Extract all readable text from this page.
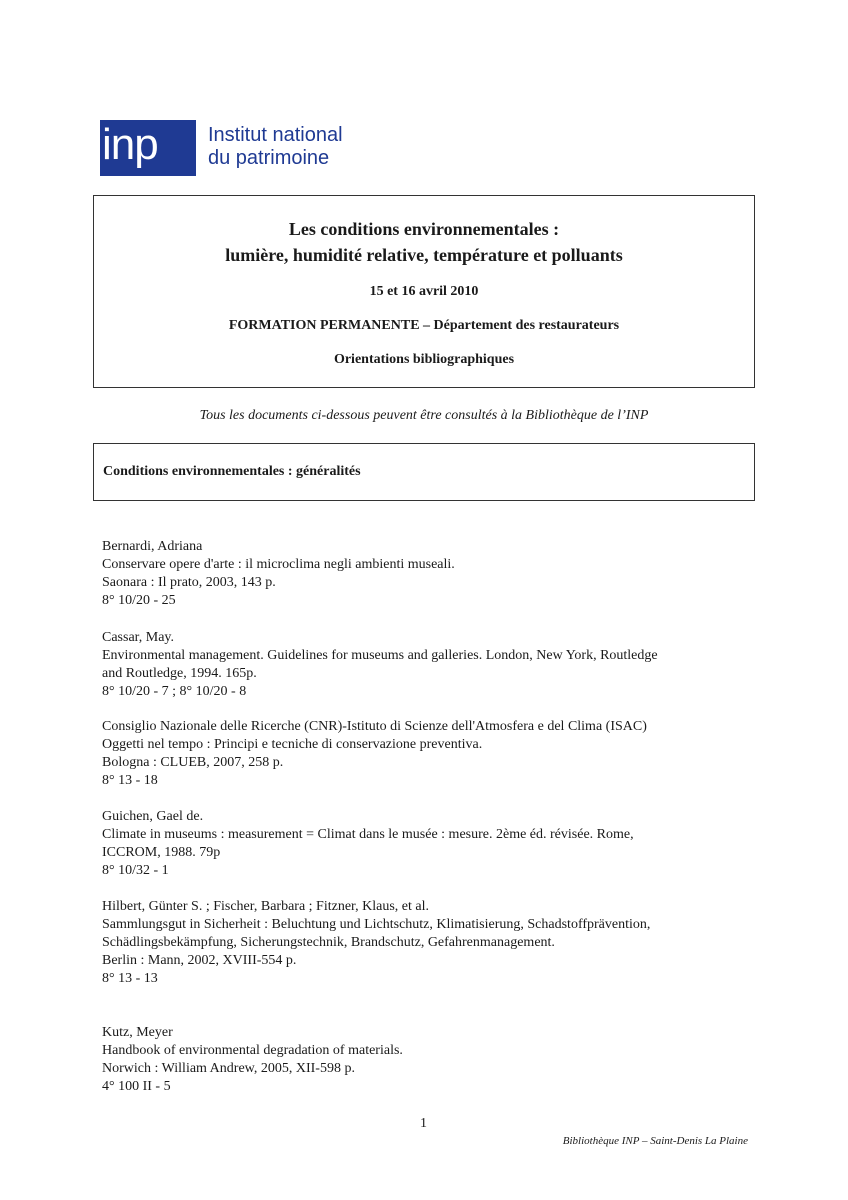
inp	Institut national
du patrimoine
Les conditions environnementales :
lumière, humidité relative, température et polluants
15 et 16 avril 2010
FORMATION PERMANENTE – Département des restaurateurs
Orientations bibliographiques
Tous les documents ci-dessous peuvent être consultés à la Bibliothèque de l’INP
Conditions environnementales : généralités

Bernardi, Adriana

Conservare opere d'arte : il microclima negli ambienti museali.

Saonara : Il prato, 2003, 143 p.

8° 10/20 - 25

Cassar, May.

Environmental management. Guidelines for museums and galleries. London, New York, Routledge

and Routledge, 1994. 165p.

8° 10/20 - 7 ; 8° 10/20 - 8

Consiglio Nazionale delle Ricerche (CNR)-Istituto di Scienze dell'Atmosfera e del Clima (ISAC)

Oggetti nel tempo : Principi e tecniche di conservazione preventiva.

Bologna : CLUEB, 2007, 258 p.

8° 13 - 18

Guichen, Gael de.

Climate in museums : measurement = Climat dans le musée : mesure. 2ème éd. révisée. Rome,

ICCROM, 1988. 79p

8° 10/32 - 1

Hilbert, Günter S. ; Fischer, Barbara ; Fitzner, Klaus, et al.

Sammlungsgut in Sicherheit : Beluchtung und Lichtschutz, Klimatisierung, Schadstoffprävention,

Schädlingsbekämpfung, Sicherungstechnik, Brandschutz, Gefahrenmanagement.

Berlin : Mann, 2002, XVIII-554 p.

8° 13 - 13

Kutz, Meyer

Handbook of environmental degradation of materials.

Norwich : William Andrew, 2005, XII-598 p.

4° 100 II - 5

1
Bibliothèque INP – Saint-Denis La Plaine
